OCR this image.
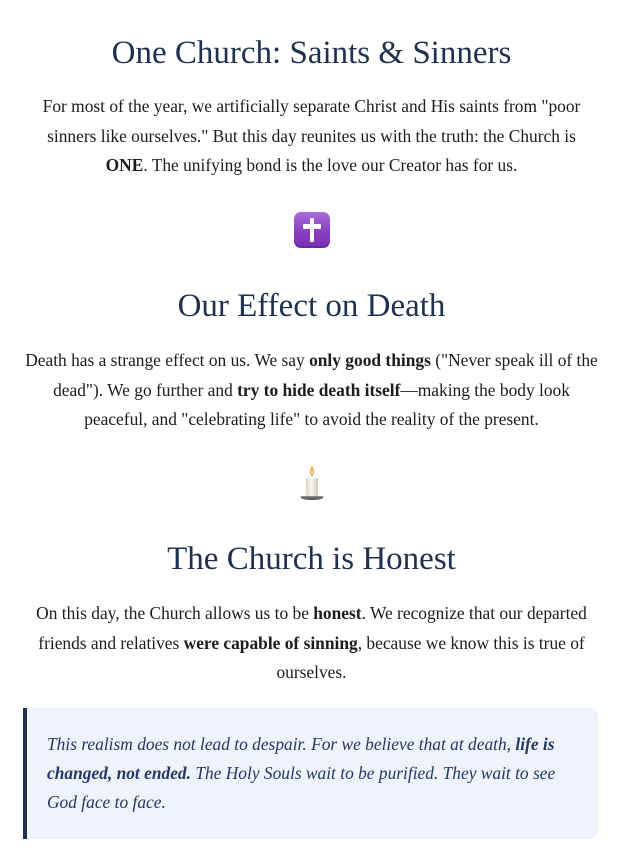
One Church: Saints & Sinners

For most of the year, we artificially separate Christ and His saints from "poor sinners like ourselves." But this day reunites us with the truth: the Church is ONE. The unifying bond is the love our Creator has for us.

Our Effect on Death

Death has a strange effect on us. We say only good things ("Never speak ill of the dead"). We go further and try to hide death itself—making the body look peaceful, and "celebrating life" to avoid the reality of the present.

The Church is Honest

On this day, the Church allows us to be honest. We recognize that our departed friends and relatives were capable of sinning, because we know this is true of ourselves.

This realism does not lead to despair. For we believe that at death, life is changed, not ended. The Holy Souls wait to be purified. They wait to see God face to face.
